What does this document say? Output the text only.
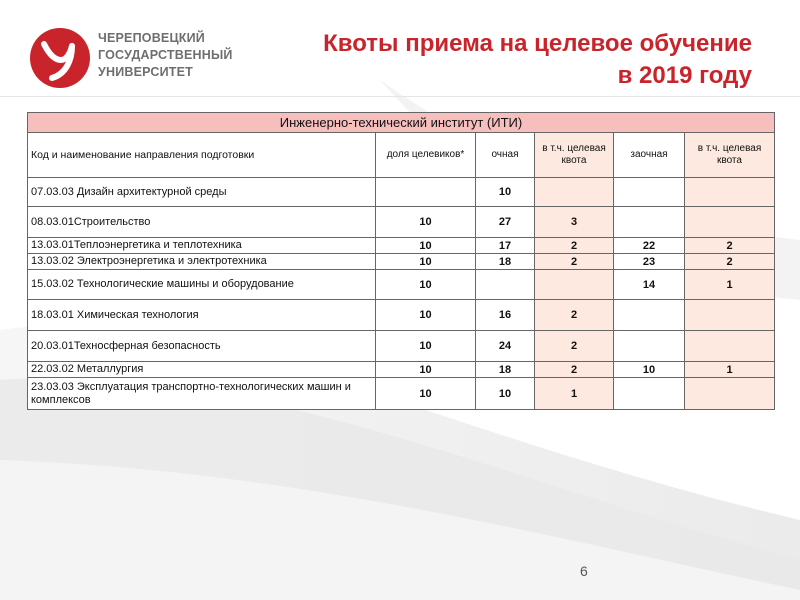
ЧЕРЕПОВЕЦКИЙ
ГОСУДАРСТВЕННЫЙ
УНИВЕРСИТЕТ
Квоты приема на целевое обучение
в 2019 году
Инженерно-технический институт (ИТИ)					
Код и наименование направления подготовки	доля целевиков*	очная	в т.ч. целевая квота	заочная	в т.ч. целевая квота
07.03.03 Дизайн архитектурной среды		10			
08.03.01Строительство	10	27	3		
13.03.01Теплоэнергетика и теплотехника	10	17	2	22	2
13.03.02 Электроэнергетика и электротехника	10	18	2	23	2
15.03.02 Технологические машины и оборудование	10			14	1
18.03.01 Химическая технология	10	16	2		
20.03.01Техносферная безопасность	10	24	2		
22.03.02 Металлургия	10	18	2	10	1
23.03.03 Эксплуатация транспортно-технологических машин и комплексов	10	10	1		
6
